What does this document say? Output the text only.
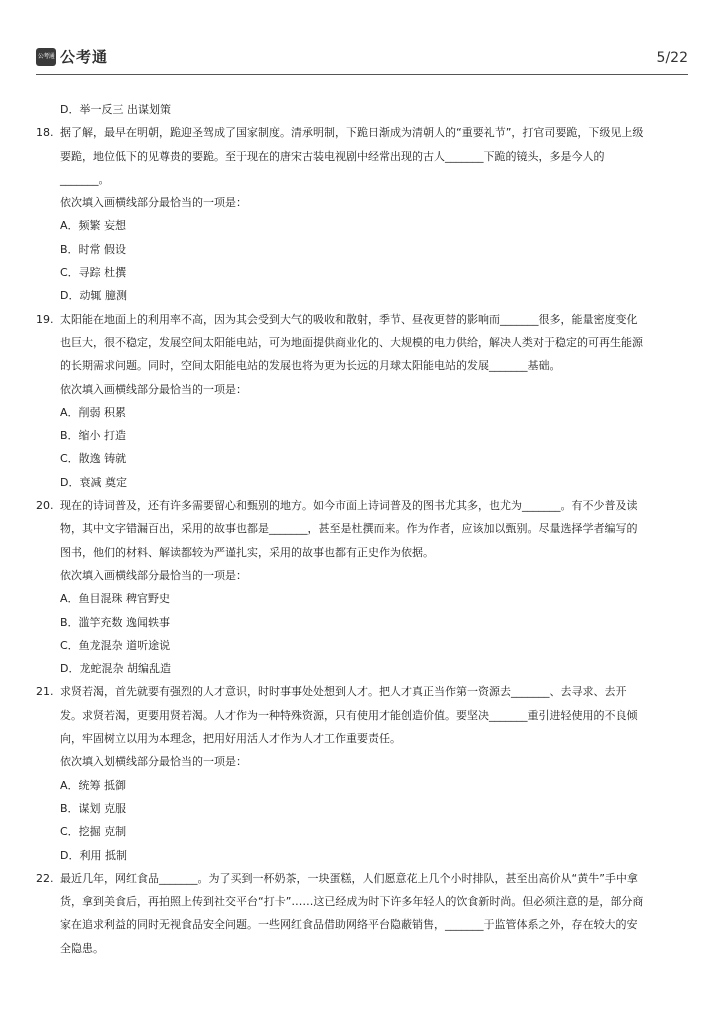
公考通 公考通	5/22
D．举一反三 出谋划策
18. 据了解，最早在明朝，跪迎圣驾成了国家制度。清承明制，下跪日渐成为清朝人的“重要礼节”，打官司要跪，下级见上级
要跪，地位低下的见尊贵的要跪。至于现在的唐宋古装电视剧中经常出现的古人_______下跪的镜头，多是今人的
_______。
依次填入画横线部分最恰当的一项是：
A．频繁 妄想
B．时常 假设
C．寻踪 杜撰
D．动辄 臆测
19. 太阳能在地面上的利用率不高，因为其会受到大气的吸收和散射，季节、昼夜更替的影响而_______很多，能量密度变化
也巨大，很不稳定，发展空间太阳能电站，可为地面提供商业化的、大规模的电力供给，解决人类对于稳定的可再生能源
的长期需求问题。同时，空间太阳能电站的发展也将为更为长远的月球太阳能电站的发展_______基础。
依次填入画横线部分最恰当的一项是：
A．削弱 积累
B．缩小 打造
C．散逸 铸就
D．衰减 奠定
20. 现在的诗词普及，还有许多需要留心和甄别的地方。如今市面上诗词普及的图书尤其多，也尤为_______。有不少普及读
物，其中文字错漏百出，采用的故事也都是_______，甚至是杜撰而来。作为作者，应该加以甄别。尽量选择学者编写的
图书，他们的材料、解读都较为严谨扎实，采用的故事也都有正史作为依据。
依次填入画横线部分最恰当的一项是：
A．鱼目混珠 稗官野史
B．滥竽充数 逸闻轶事
C．鱼龙混杂 道听途说
D．龙蛇混杂 胡编乱造
21. 求贤若渴，首先就要有强烈的人才意识，时时事事处处想到人才。把人才真正当作第一资源去_______、去寻求、去开
发。求贤若渴，更要用贤若渴。人才作为一种特殊资源，只有使用才能创造价值。要坚决_______重引进轻使用的不良倾
向，牢固树立以用为本理念，把用好用活人才作为人才工作重要责任。
依次填入划横线部分最恰当的一项是：
A．统筹 抵御
B．谋划 克服
C．挖掘 克制
D．利用 抵制
22. 最近几年，网红食品_______。为了买到一杯奶茶，一块蛋糕，人们愿意花上几个小时排队，甚至出高价从“黄牛”手中拿
货，拿到美食后，再拍照上传到社交平台“打卡”……这已经成为时下许多年轻人的饮食新时尚。但必须注意的是，部分商
家在追求利益的同时无视食品安全问题。一些网红食品借助网络平台隐蔽销售，_______于监管体系之外，存在较大的安
全隐患。
